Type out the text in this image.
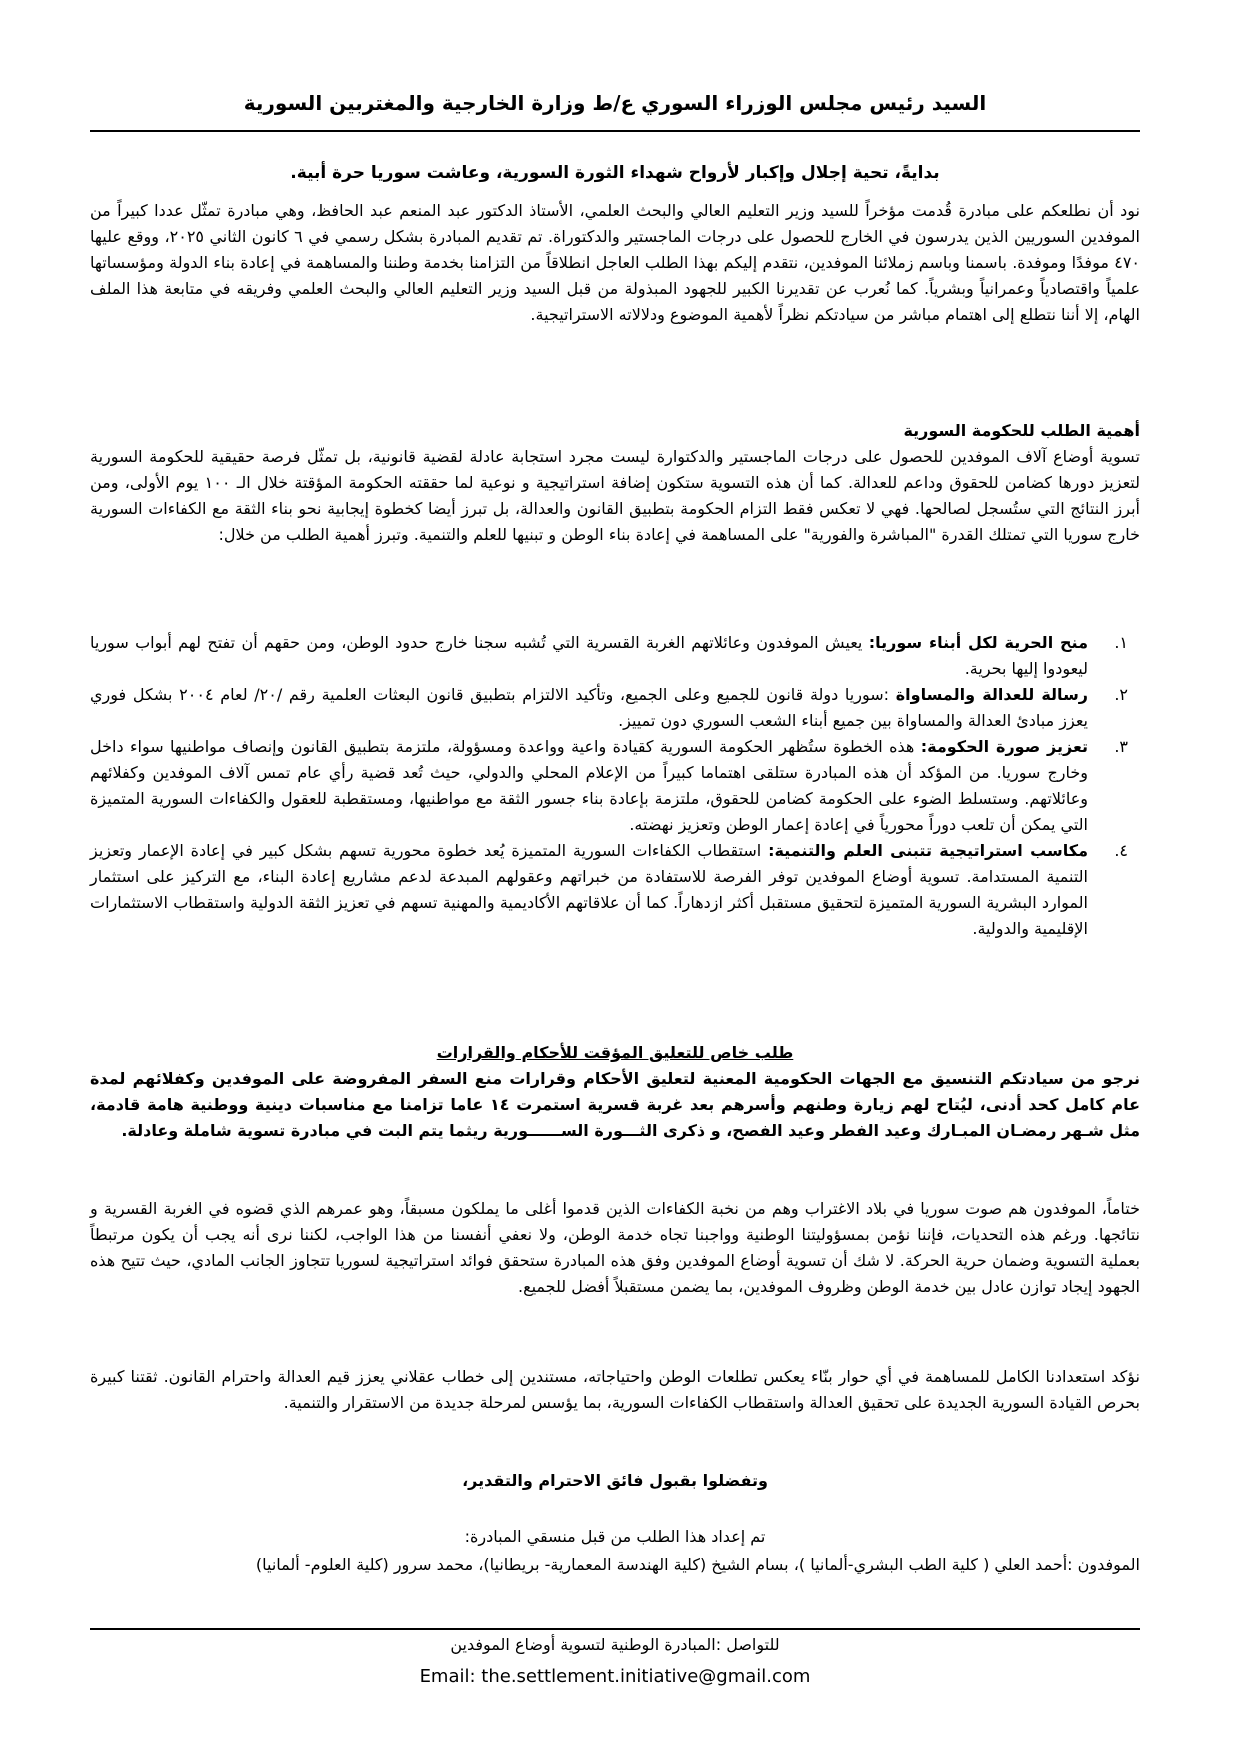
السيد رئيس مجلس الوزراء السوري ع/ط وزارة الخارجية والمغتربين السورية
بدايةً، تحية إجلال وإكبار لأرواح شهداء الثورة السورية، وعاشت سوريا حرة أبية.

نود أن نطلعكم على مبادرة قُدمت مؤخراً للسيد وزير التعليم العالي والبحث العلمي، الأستاذ الدكتور عبد المنعم عبد الحافظ، وهي مبادرة تمثّل عددا كبيراً من الموفدين السوريين الذين يدرسون في الخارج للحصول على درجات الماجستير والدكتوراة. تم تقديم المبادرة بشكل رسمي في ٦ كانون الثاني ٢٠٢٥، ووقع عليها ٤٧٠ موفدًا وموفدة. باسمنا وباسم زملائنا الموفدين، نتقدم إليكم بهذا الطلب العاجل انطلاقاً من التزامنا بخدمة وطننا والمساهمة في إعادة بناء الدولة ومؤسساتها علمياً واقتصادياً وعمرانياً وبشرياً. كما نُعرب عن تقديرنا الكبير للجهود المبذولة من قبل السيد وزير التعليم العالي والبحث العلمي وفريقه في متابعة هذا الملف الهام، إلا أننا نتطلع إلى اهتمام مباشر من سيادتكم نظراً لأهمية الموضوع ودلالاته الاستراتيجية.

أهمية الطلب للحكومة السورية

تسوية أوضاع آلاف الموفدين للحصول على درجات الماجستير والدكتوارة ليست مجرد استجابة عادلة لقضية قانونية، بل تمثّل فرصة حقيقية للحكومة السورية لتعزيز دورها كضامن للحقوق وداعم للعدالة. كما أن هذه التسوية ستكون إضافة استراتيجية و نوعية لما حققته الحكومة المؤقتة خلال الـ ١٠٠ يوم الأولى، ومن أبرز النتائج التي ستُسجل لصالحها. فهي لا تعكس فقط التزام الحكومة بتطبيق القانون والعدالة، بل تبرز أيضا كخطوة إيجابية نحو بناء الثقة مع الكفاءات السورية خارج سوريا التي تمتلك القدرة "المباشرة والفورية" على المساهمة في إعادة بناء الوطن و تبنيها للعلم والتنمية. وتبرز أهمية الطلب من خلال:

١.
منح الحرية لكل أبناء سوريا: يعيش الموفدون وعائلاتهم الغربة القسرية التي تُشبه سجنا خارج حدود الوطن، ومن حقهم أن تفتح لهم أبواب سوريا ليعودوا إليها بحرية.
٢.
رسالة للعدالة والمساواة :سوريا دولة قانون للجميع وعلى الجميع، وتأكيد الالتزام بتطبيق قانون البعثات العلمية رقم /٢٠/ لعام ٢٠٠٤ بشكل فوري يعزز مبادئ العدالة والمساواة بين جميع أبناء الشعب السوري دون تمييز.
٣.
تعزيز صورة الحكومة: هذه الخطوة ستُظهر الحكومة السورية كقيادة واعية وواعدة ومسؤولة، ملتزمة بتطبيق القانون وإنصاف مواطنيها سواء داخل وخارج سوريا. من المؤكد أن هذه المبادرة ستلقى اهتماما كبيراً من الإعلام المحلي والدولي، حيث تُعد قضية رأي عام تمس آلاف الموفدين وكفلائهم وعائلاتهم. وستسلط الضوء على الحكومة كضامن للحقوق، ملتزمة بإعادة بناء جسور الثقة مع مواطنيها، ومستقطبة للعقول والكفاءات السورية المتميزة التي يمكن أن تلعب دوراً محورياً في إعادة إعمار الوطن وتعزيز نهضته.
٤.
مكاسب استراتيجية تتبنى العلم والتنمية: استقطاب الكفاءات السورية المتميزة يُعد خطوة محورية تسهم بشكل كبير في إعادة الإعمار وتعزيز التنمية المستدامة. تسوية أوضاع الموفدين توفر الفرصة للاستفادة من خبراتهم وعقولهم المبدعة لدعم مشاريع إعادة البناء، مع التركيز على استثمار الموارد البشرية السورية المتميزة لتحقيق مستقبل أكثر ازدهاراً. كما أن علاقاتهم الأكاديمية والمهنية تسهم في تعزيز الثقة الدولية واستقطاب الاستثمارات الإقليمية والدولية.
طلب خاص للتعليق المؤقت للأحكام والقرارات

نرجو من سيادتكم التنسيق مع الجهات الحكومية المعنية لتعليق الأحكام وقرارات منع السفر المفروضة على الموفدين وكفلائهم لمدة عام كامل كحد أدنى، ليُتاح لهم زيارة وطنهم وأسرهم بعد غربة قسرية استمرت ١٤ عاما تزامنا مع مناسبات دينية ووطنية هامة قادمة، مثل شـهر رمضـان المبـارك وعيد الفطر وعيد الفصح، و ذكرى الثـــورة الســــــورية ريثما يتم البت في مبادرة تسوية شاملة وعادلة.

ختاماً، الموفدون هم صوت سوريا في بلاد الاغتراب وهم من نخبة الكفاءات الذين قدموا أغلى ما يملكون مسبقاً، وهو عمرهم الذي قضوه في الغربة القسرية و نتائجها. ورغم هذه التحديات، فإننا نؤمن بمسؤوليتنا الوطنية وواجبنا تجاه خدمة الوطن، ولا نعفي أنفسنا من هذا الواجب، لكننا نرى أنه يجب أن يكون مرتبطاً بعملية التسوية وضمان حرية الحركة. لا شك أن تسوية أوضاع الموفدين وفق هذه المبادرة ستحقق فوائد استراتيجية لسوريا تتجاوز الجانب المادي، حيث تتيح هذه الجهود إيجاد توازن عادل بين خدمة الوطن وظروف الموفدين، بما يضمن مستقبلاً أفضل للجميع.

نؤكد استعدادنا الكامل للمساهمة في أي حوار بنّاء يعكس تطلعات الوطن واحتياجاته، مستندين إلى خطاب عقلاني يعزز قيم العدالة واحترام القانون. ثقتنا كبيرة بحرص القيادة السورية الجديدة على تحقيق العدالة واستقطاب الكفاءات السورية، بما يؤسس لمرحلة جديدة من الاستقرار والتنمية.

وتفضلوا بقبول فائق الاحترام والتقدير،
تم إعداد هذا الطلب من قبل منسقي المبادرة:
الموفدون :أحمد العلي ( كلية الطب البشري-ألمانيا )، بسام الشيخ (كلية الهندسة المعمارية- بريطانيا)، محمد سرور (كلية العلوم- ألمانيا)
للتواصل :المبادرة الوطنية لتسوية أوضاع الموفدين
Email: the.settlement.initiative@gmail.com
